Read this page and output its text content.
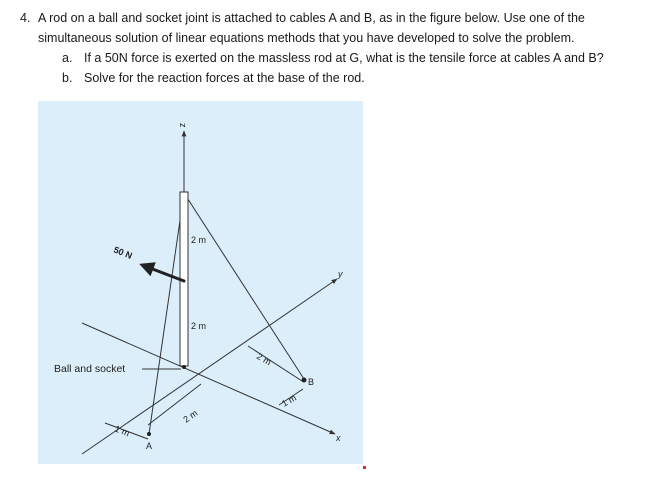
4. A rod on a ball and socket joint is attached to cables A and B, as in the figure below. Use one of the
simultaneous solution of linear equations methods that you have developed to solve the problem.
a. If a 50N force is exerted on the massless rod at G, what is the tensile force at cables A and B?
b. Solve for the reaction forces at the base of the rod.
z
y
x
50 N
2 m
2 m
2 m
2 m
1 m
1 m
A
B
Ball and socket
